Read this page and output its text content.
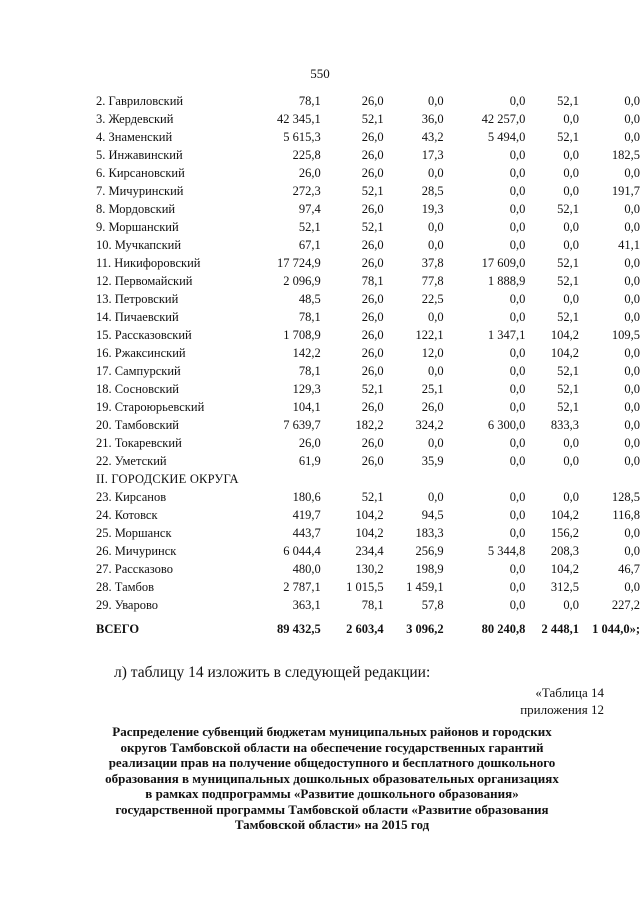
550
2. Гавриловский	78,1	26,0	0,0	0,0	52,1	0,0
3. Жердевский	42 345,1	52,1	36,0	42 257,0	0,0	0,0
4. Знаменский	5 615,3	26,0	43,2	5 494,0	52,1	0,0
5. Инжавинский	225,8	26,0	17,3	0,0	0,0	182,5
6. Кирсановский	26,0	26,0	0,0	0,0	0,0	0,0
7. Мичуринский	272,3	52,1	28,5	0,0	0,0	191,7
8. Мордовский	97,4	26,0	19,3	0,0	52,1	0,0
9. Моршанский	52,1	52,1	0,0	0,0	0,0	0,0
10. Мучкапский	67,1	26,0	0,0	0,0	0,0	41,1
11. Никифоровский	17 724,9	26,0	37,8	17 609,0	52,1	0,0
12. Первомайский	2 096,9	78,1	77,8	1 888,9	52,1	0,0
13. Петровский	48,5	26,0	22,5	0,0	0,0	0,0
14. Пичаевский	78,1	26,0	0,0	0,0	52,1	0,0
15. Рассказовский	1 708,9	26,0	122,1	1 347,1	104,2	109,5
16. Ржаксинский	142,2	26,0	12,0	0,0	104,2	0,0
17. Сампурский	78,1	26,0	0,0	0,0	52,1	0,0
18. Сосновский	129,3	52,1	25,1	0,0	52,1	0,0
19. Староюрьевский	104,1	26,0	26,0	0,0	52,1	0,0
20. Тамбовский	7 639,7	182,2	324,2	6 300,0	833,3	0,0
21. Токаревский	26,0	26,0	0,0	0,0	0,0	0,0
22. Уметский	61,9	26,0	35,9	0,0	0,0	0,0
II. ГОРОДСКИЕ ОКРУГА						
23. Кирсанов	180,6	52,1	0,0	0,0	0,0	128,5
24. Котовск	419,7	104,2	94,5	0,0	104,2	116,8
25. Моршанск	443,7	104,2	183,3	0,0	156,2	0,0
26. Мичуринск	6 044,4	234,4	256,9	5 344,8	208,3	0,0
27. Рассказово	480,0	130,2	198,9	0,0	104,2	46,7
28. Тамбов	2 787,1	1 015,5	1 459,1	0,0	312,5	0,0
29. Уварово	363,1	78,1	57,8	0,0	0,0	227,2
ВСЕГО	89 432,5	2 603,4	3 096,2	80 240,8	2 448,1	1 044,0»;
л) таблицу 14 изложить в следующей редакции:
«Таблица 14
приложения 12
Распределение субвенций бюджетам муниципальных районов и городских
округов Тамбовской области на обеспечение государственных гарантий
реализации прав на получение общедоступного и бесплатного дошкольного
образования в муниципальных дошкольных образовательных организациях
в рамках подпрограммы «Развитие дошкольного образования»
государственной программы Тамбовской области «Развитие образования
Тамбовской области» на 2015 год
